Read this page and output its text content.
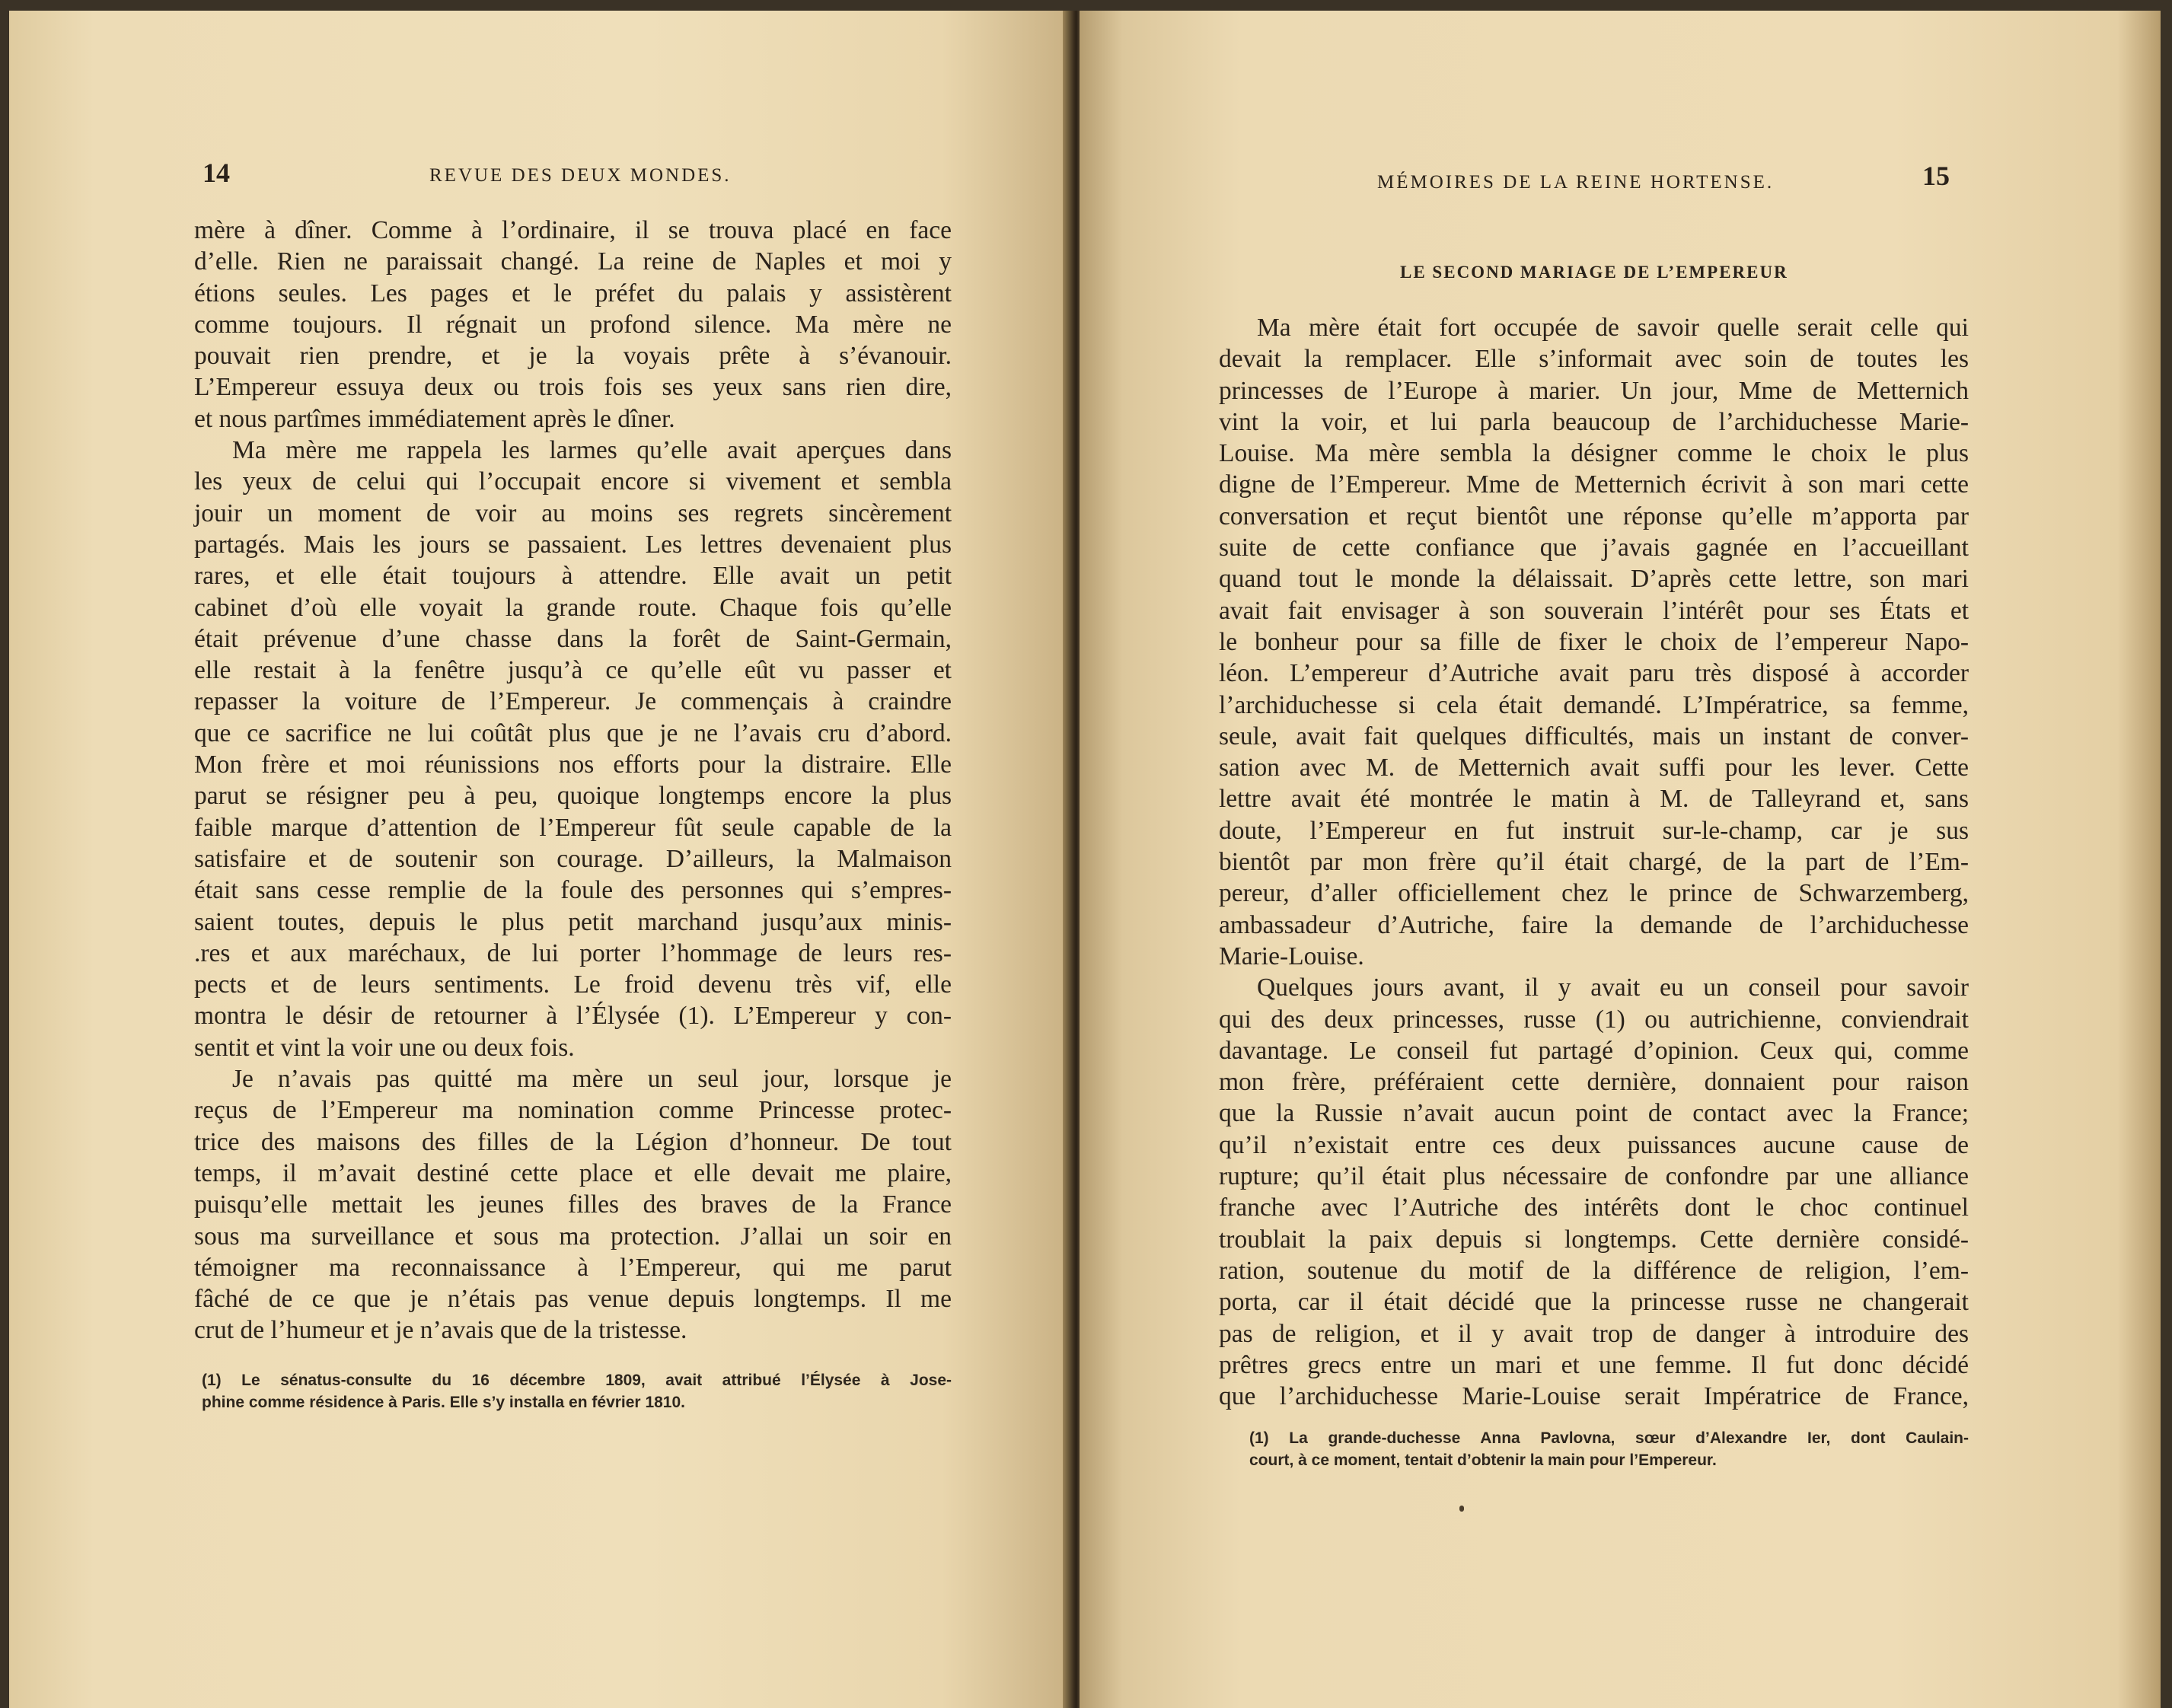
14	REVUE DES DEUX MONDES.
mère à dîner. Comme à l’ordinaire, il se trouva placé en face
d’elle. Rien ne paraissait changé. La reine de Naples et moi y
étions seules. Les pages et le préfet du palais y assistèrent
comme toujours. Il régnait un profond silence. Ma mère ne
pouvait rien prendre, et je la voyais prête à s’évanouir.
L’Empereur essuya deux ou trois fois ses yeux sans rien dire,
et nous partîmes immédiatement après le dîner.
Ma mère me rappela les larmes qu’elle avait aperçues dans
les yeux de celui qui l’occupait encore si vivement et sembla
jouir un moment de voir au moins ses regrets sincèrement
partagés. Mais les jours se passaient. Les lettres devenaient plus
rares, et elle était toujours à attendre. Elle avait un petit
cabinet d’où elle voyait la grande route. Chaque fois qu’elle
était prévenue d’une chasse dans la forêt de Saint-Germain,
elle restait à la fenêtre jusqu’à ce qu’elle eût vu passer et
repasser la voiture de l’Empereur. Je commençais à craindre
que ce sacrifice ne lui coûtât plus que je ne l’avais cru d’abord.
Mon frère et moi réunissions nos efforts pour la distraire. Elle
parut se résigner peu à peu, quoique longtemps encore la plus
faible marque d’attention de l’Empereur fût seule capable de la
satisfaire et de soutenir son courage. D’ailleurs, la Malmaison
était sans cesse remplie de la foule des personnes qui s’empres-
saient toutes, depuis le plus petit marchand jusqu’aux minis-
.res et aux maréchaux, de lui porter l’hommage de leurs res-
pects et de leurs sentiments. Le froid devenu très vif, elle
montra le désir de retourner à l’Élysée (1). L’Empereur y con-
sentit et vint la voir une ou deux fois.
Je n’avais pas quitté ma mère un seul jour, lorsque je
reçus de l’Empereur ma nomination comme Princesse protec-
trice des maisons des filles de la Légion d’honneur. De tout
temps, il m’avait destiné cette place et elle devait me plaire,
puisqu’elle mettait les jeunes filles des braves de la France
sous ma surveillance et sous ma protection. J’allai un soir en
témoigner ma reconnaissance à l’Empereur, qui me parut
fâché de ce que je n’étais pas venue depuis longtemps. Il me
crut de l’humeur et je n’avais que de la tristesse.
(1) Le sénatus-consulte du 16 décembre 1809, avait attribué l’Élysée à Jose-
phine comme résidence à Paris. Elle s’y installa en février 1810.
MÉMOIRES DE LA REINE HORTENSE.	15
LE SECOND MARIAGE DE L’EMPEREUR
Ma mère était fort occupée de savoir quelle serait celle qui
devait la remplacer. Elle s’informait avec soin de toutes les
princesses de l’Europe à marier. Un jour, Mme de Metternich
vint la voir, et lui parla beaucoup de l’archiduchesse Marie-
Louise. Ma mère sembla la désigner comme le choix le plus
digne de l’Empereur. Mme de Metternich écrivit à son mari cette
conversation et reçut bientôt une réponse qu’elle m’apporta par
suite de cette confiance que j’avais gagnée en l’accueillant
quand tout le monde la délaissait. D’après cette lettre, son mari
avait fait envisager à son souverain l’intérêt pour ses États et
le bonheur pour sa fille de fixer le choix de l’empereur Napo-
léon. L’empereur d’Autriche avait paru très disposé à accorder
l’archiduchesse si cela était demandé. L’Impératrice, sa femme,
seule, avait fait quelques difficultés, mais un instant de conver-
sation avec M. de Metternich avait suffi pour les lever. Cette
lettre avait été montrée le matin à M. de Talleyrand et, sans
doute, l’Empereur en fut instruit sur-le-champ, car je sus
bientôt par mon frère qu’il était chargé, de la part de l’Em-
pereur, d’aller officiellement chez le prince de Schwarzemberg,
ambassadeur d’Autriche, faire la demande de l’archiduchesse
Marie-Louise.
Quelques jours avant, il y avait eu un conseil pour savoir
qui des deux princesses, russe (1) ou autrichienne, conviendrait
davantage. Le conseil fut partagé d’opinion. Ceux qui, comme
mon frère, préféraient cette dernière, donnaient pour raison
que la Russie n’avait aucun point de contact avec la France;
qu’il n’existait entre ces deux puissances aucune cause de
rupture; qu’il était plus nécessaire de confondre par une alliance
franche avec l’Autriche des intérêts dont le choc continuel
troublait la paix depuis si longtemps. Cette dernière considé-
ration, soutenue du motif de la différence de religion, l’em-
porta, car il était décidé que la princesse russe ne changerait
pas de religion, et il y avait trop de danger à introduire des
prêtres grecs entre un mari et une femme. Il fut donc décidé
que l’archiduchesse Marie-Louise serait Impératrice de France,
(1) La grande-duchesse Anna Pavlovna, sœur d’Alexandre Ier, dont Caulain-
court, à ce moment, tentait d’obtenir la main pour l’Empereur.
